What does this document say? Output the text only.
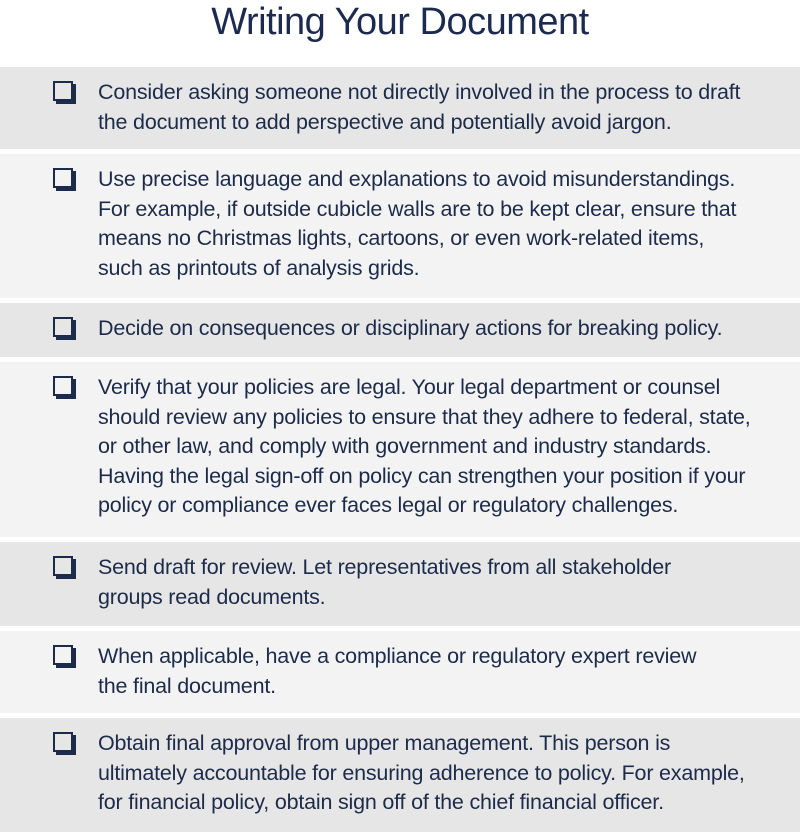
Writing Your Document
Consider asking someone not directly involved in the process to draft
the document to add perspective and potentially avoid jargon.
Use precise language and explanations to avoid misunderstandings.
For example, if outside cubicle walls are to be kept clear, ensure that
means no Christmas lights, cartoons, or even work-related items,
such as printouts of analysis grids.
Decide on consequences or disciplinary actions for breaking policy.
Verify that your policies are legal. Your legal department or counsel
should review any policies to ensure that they adhere to federal, state,
or other law, and comply with government and industry standards.
Having the legal sign-off on policy can strengthen your position if your
policy or compliance ever faces legal or regulatory challenges.
Send draft for review. Let representatives from all stakeholder
groups read documents.
When applicable, have a compliance or regulatory expert review
the final document.
Obtain final approval from upper management. This person is
ultimately accountable for ensuring adherence to policy. For example,
for financial policy, obtain sign off of the chief financial officer.
